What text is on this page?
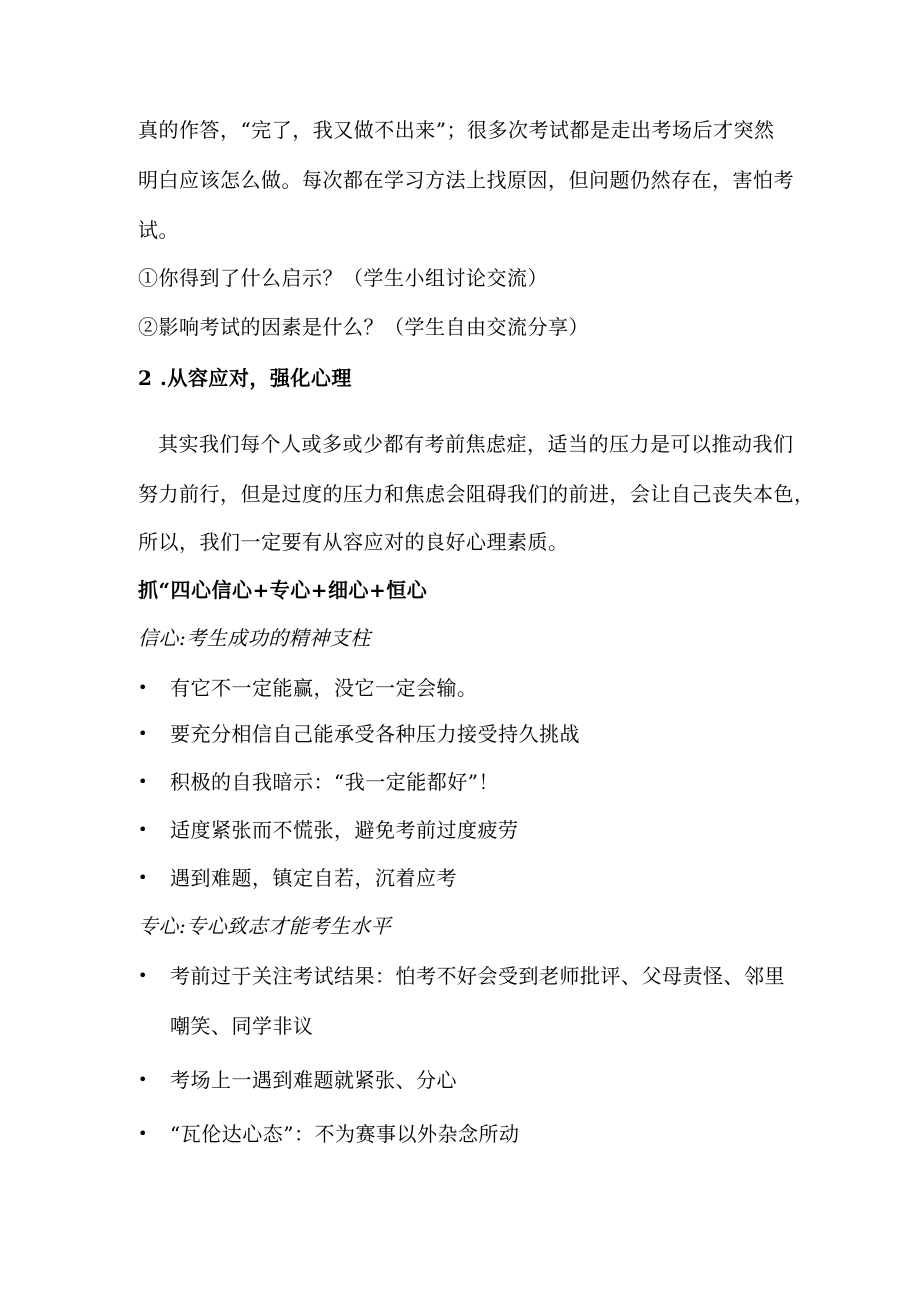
真的作答，“完了，我又做不出来”；很多次考试都是走出考场后才突然
明白应该怎么做。每次都在学习方法上找原因，但问题仍然存在，害怕考
试。
①你得到了什么启示？（学生小组讨论交流）
②影响考试的因素是什么？（学生自由交流分享）
2 .从容应对，强化心理
其实我们每个人或多或少都有考前焦虑症，适当的压力是可以推动我们
努力前行，但是过度的压力和焦虑会阻碍我们的前进，会让自己丧失本色，
所以，我们一定要有从容应对的良好心理素质。
抓“四心信心+专心+细心+恒心
信心:考生成功的精神支柱
•	有它不一定能赢，没它一定会输。
•	要充分相信自己能承受各种压力接受持久挑战
•	积极的自我暗示：“我一定能都好”！
•	适度紧张而不慌张，避免考前过度疲劳
•	遇到难题，镇定自若，沉着应考
专心:专心致志才能考生水平
•	考前过于关注考试结果：怕考不好会受到老师批评、父母责怪、邻里
嘲笑、同学非议
•	考场上一遇到难题就紧张、分心
•	“瓦伦达心态”：不为赛事以外杂念所动
